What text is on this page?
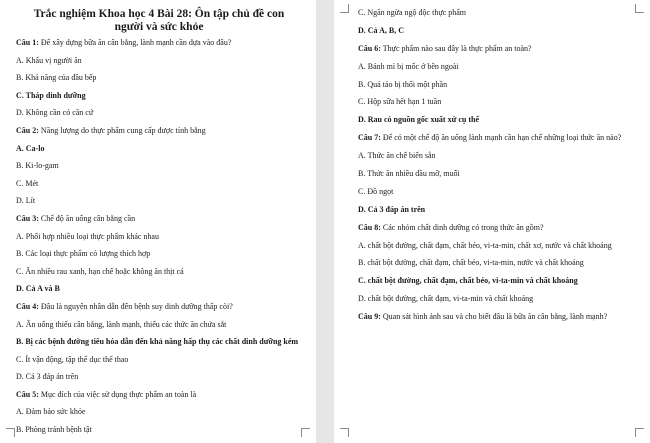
Trắc nghiệm Khoa học 4 Bài 28: Ôn tập chủ đề con người và sức khỏe
Câu 1: Để xây dựng bữa ăn cân bằng, lành mạnh cần dựa vào đâu?
A. Khẩu vị người ăn
B. Khả năng của đầu bếp
C. Tháp dinh dưỡng
D. Không cần có căn cứ
Câu 2: Năng lượng do thực phẩm cung cấp được tính bằng
A. Ca-lo
B. Ki-lo-gam
C. Mét
D. Lít
Câu 3: Chế độ ăn uống cân bằng cần
A. Phối hợp nhiều loại thực phẩm khác nhau
B. Các loại thực phẩm có lượng thích hợp
C. Ăn nhiều rau xanh, hạn chế hoặc không ăn thịt cá
D. Cả A và B
Câu 4: Đâu là nguyên nhân dẫn đến bệnh suy dinh dưỡng thấp còi?
A. Ăn uống thiếu cân bằng, lành mạnh, thiếu các thức ăn chứa sắt
B. Bị các bệnh đường tiêu hóa dẫn đến khả năng hấp thụ các chất dinh dưỡng kém
C. Ít vận động, tập thể dục thể thao
D. Cả 3 đáp án trên
Câu 5: Mục đích của việc sử dụng thực phẩm an toàn là
A. Đảm bảo sức khỏe
B. Phòng tránh bệnh tật
C. Ngăn ngừa ngộ độc thực phẩm
D. Cả A, B, C
Câu 6: Thực phẩm nào sau đây là thực phẩm an toàn?
A. Bánh mì bị mốc ở bên ngoài
B. Quả táo bị thối một phần
C. Hộp sữa hết hạn 1 tuần
D. Rau có nguồn gốc xuất xứ cụ thể
Câu 7: Để có một chế độ ăn uống lành mạnh cần hạn chế những loại thức ăn nào?
A. Thức ăn chế biến sẵn
B. Thức ăn nhiều dầu mỡ, muối
C. Đồ ngọt
D. Cả 3 đáp án trên
Câu 8: Các nhóm chất dinh dưỡng có trong thức ăn gồm?
A. chất bột đường, chất đạm, chất béo, vi-ta-min, chất xơ, nước và chất khoáng
B. chất bột đường, chất đạm, chất béo, vi-ta-min, nước và chất khoáng
C. chất bột đường, chất đạm, chất béo, vi-ta-min và chất khoáng
D. chất bột đường, chất đạm, vi-ta-min và chất khoáng
Câu 9: Quan sát hình ảnh sau và cho biết đâu là bữa ăn cân bằng, lành mạnh?
